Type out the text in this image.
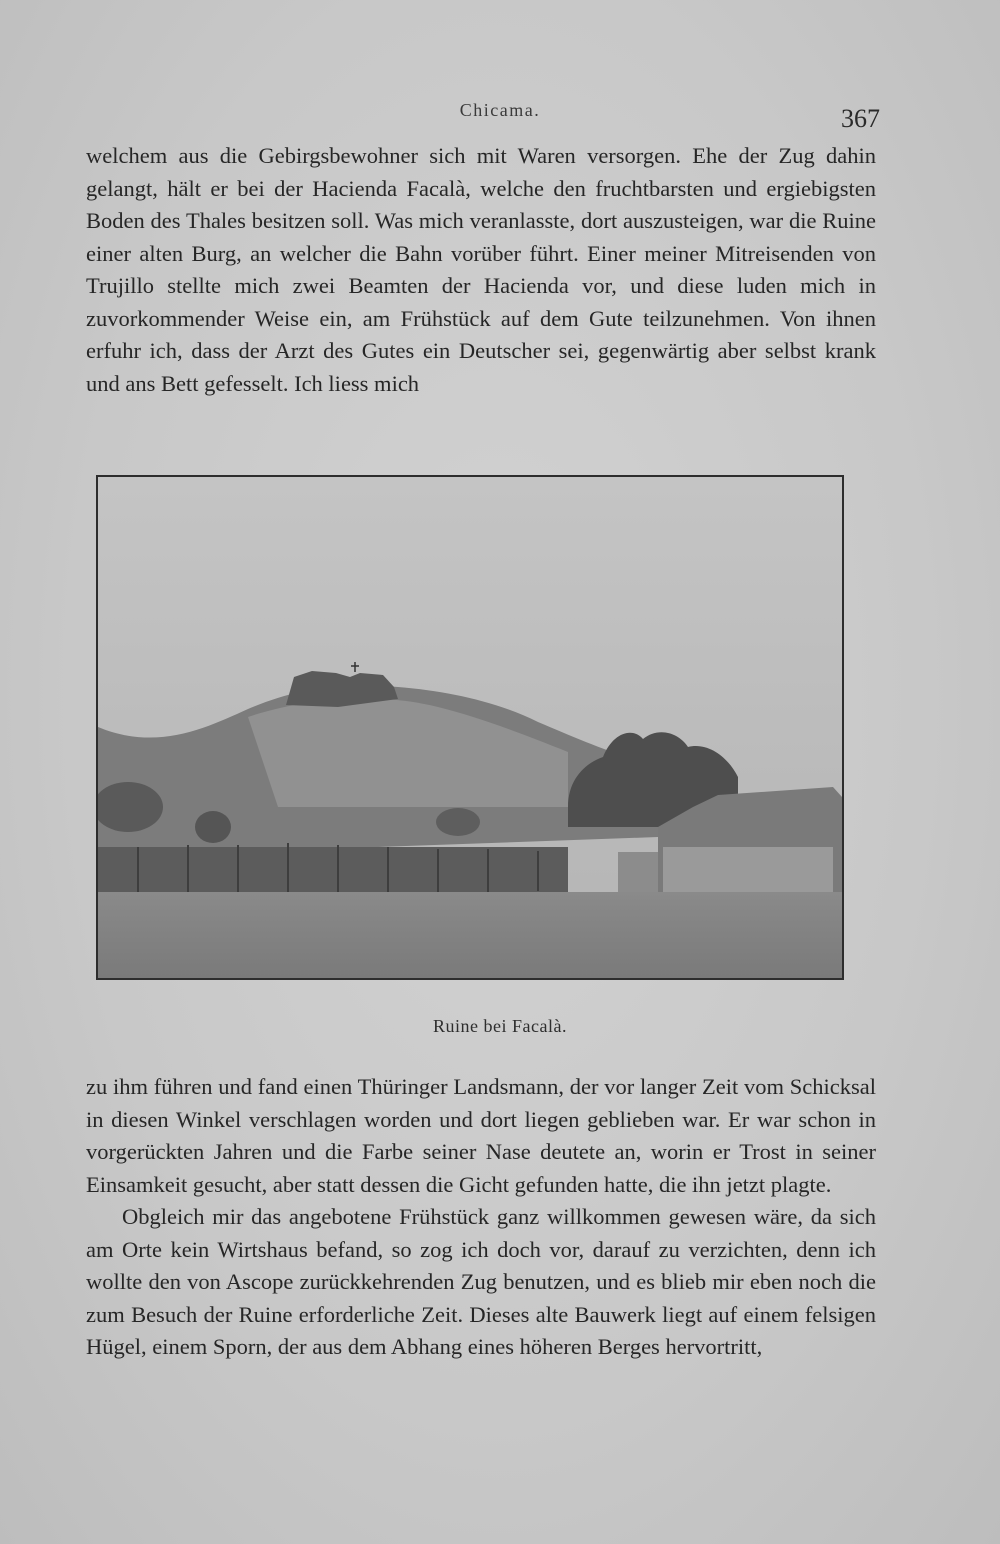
Chicama.	367

welchem aus die Gebirgsbewohner sich mit Waren versorgen. Ehe der Zug dahin gelangt, hält er bei der Hacienda Facalà, welche den fruchtbarsten und ergiebigsten Boden des Thales besitzen soll. Was mich veranlasste, dort auszusteigen, war die Ruine einer alten Burg, an welcher die Bahn vorüber führt. Einer meiner Mitreisenden von Trujillo stellte mich zwei Beamten der Hacienda vor, und diese luden mich in zuvorkommender Weise ein, am Frühstück auf dem Gute teilzunehmen. Von ihnen erfuhr ich, dass der Arzt des Gutes ein Deutscher sei, gegenwärtig aber selbst krank und ans Bett gefesselt. Ich liess mich

Ruine bei Facalà.

zu ihm führen und fand einen Thüringer Landsmann, der vor langer Zeit vom Schicksal in diesen Winkel verschlagen worden und dort liegen geblieben war. Er war schon in vorgerückten Jahren und die Farbe seiner Nase deutete an, worin er Trost in seiner Einsamkeit gesucht, aber statt dessen die Gicht gefunden hatte, die ihn jetzt plagte.

Obgleich mir das angebotene Frühstück ganz willkommen gewesen wäre, da sich am Orte kein Wirtshaus befand, so zog ich doch vor, darauf zu verzichten, denn ich wollte den von Ascope zurückkehrenden Zug benutzen, und es blieb mir eben noch die zum Besuch der Ruine erforderliche Zeit. Dieses alte Bauwerk liegt auf einem felsigen Hügel, einem Sporn, der aus dem Abhang eines höheren Berges hervortritt,
